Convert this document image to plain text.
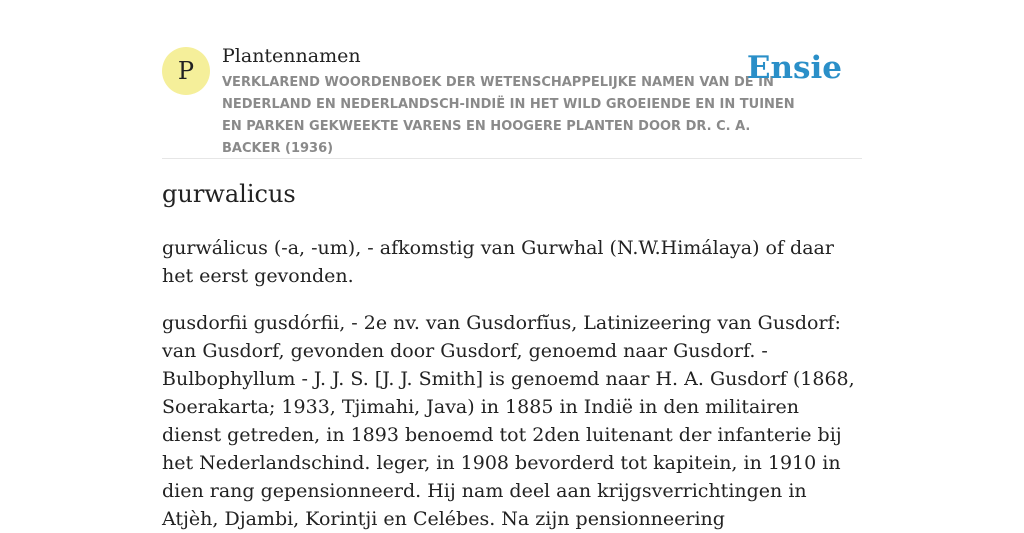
P
Plantennamen
VERKLAREND WOORDENBOEK DER WETENSCHAPPELIJKE NAMEN VAN DE IN NEDERLAND EN NEDERLANDSCH-INDIË IN HET WILD GROEIENDE EN IN TUINEN EN PARKEN GEKWEEKTE VARENS EN HOOGERE PLANTEN DOOR DR. C. A. BACKER (1936)
Ensie
gurwalicus

gurwálicus (-a, -um), - afkomstig van Gurwhal (N.W.Himálaya) of daar het eerst gevonden.

gusdorfii gusdórfii, - 2e nv. van Gusdorfĭus, Latinizeering van Gusdorf: van Gusdorf, gevonden door Gusdorf, genoemd naar Gusdorf. - Bulbophyllum - J. J. S. [J. J. Smith] is genoemd naar H. A. Gusdorf (1868, Soerakarta; 1933, Tjimahi, Java) in 1885 in Indië in den militairen dienst getreden, in 1893 benoemd tot 2den luitenant der infanterie bij het Nederlandschind. leger, in 1908 bevorderd tot kapitein, in 1910 in dien rang gepensionneerd. Hij nam deel aan krijgsverrichtingen in Atjèh, Djambi, Korintji en Celébes. Na zijn pensionneering
